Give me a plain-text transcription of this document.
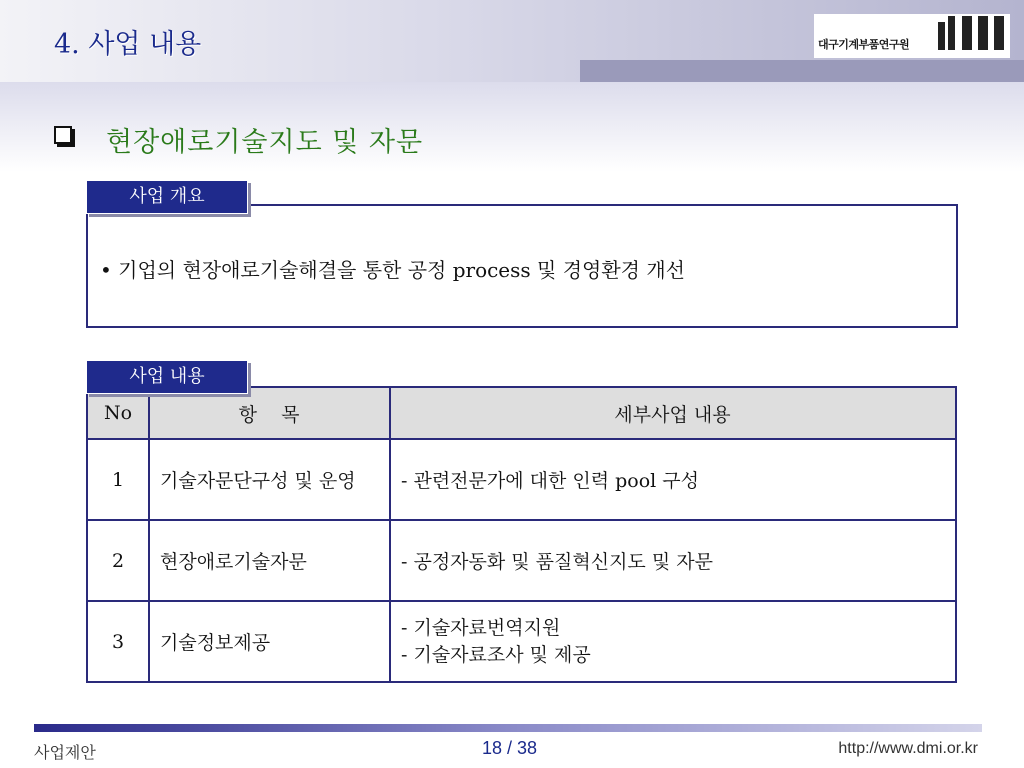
4. 사업 내용	대구기계부품연구원
현장애로기술지도 및 자문
• 기업의 현장애로기술해결을 통한 공정 process 및 경영환경 개선
사업 개요
No	항    목	세부사업 내용
1	기술자문단구성 및 운영	- 관련전문가에 대한 인력 pool 구성
2	현장애로기술자문	- 공정자동화 및 품질혁신지도 및 자문
3	기술정보제공	- 기술자료번역지원
- 기술자료조사 및 제공
사업 내용
사업제안	18 / 38	http://www.dmi.or.kr
